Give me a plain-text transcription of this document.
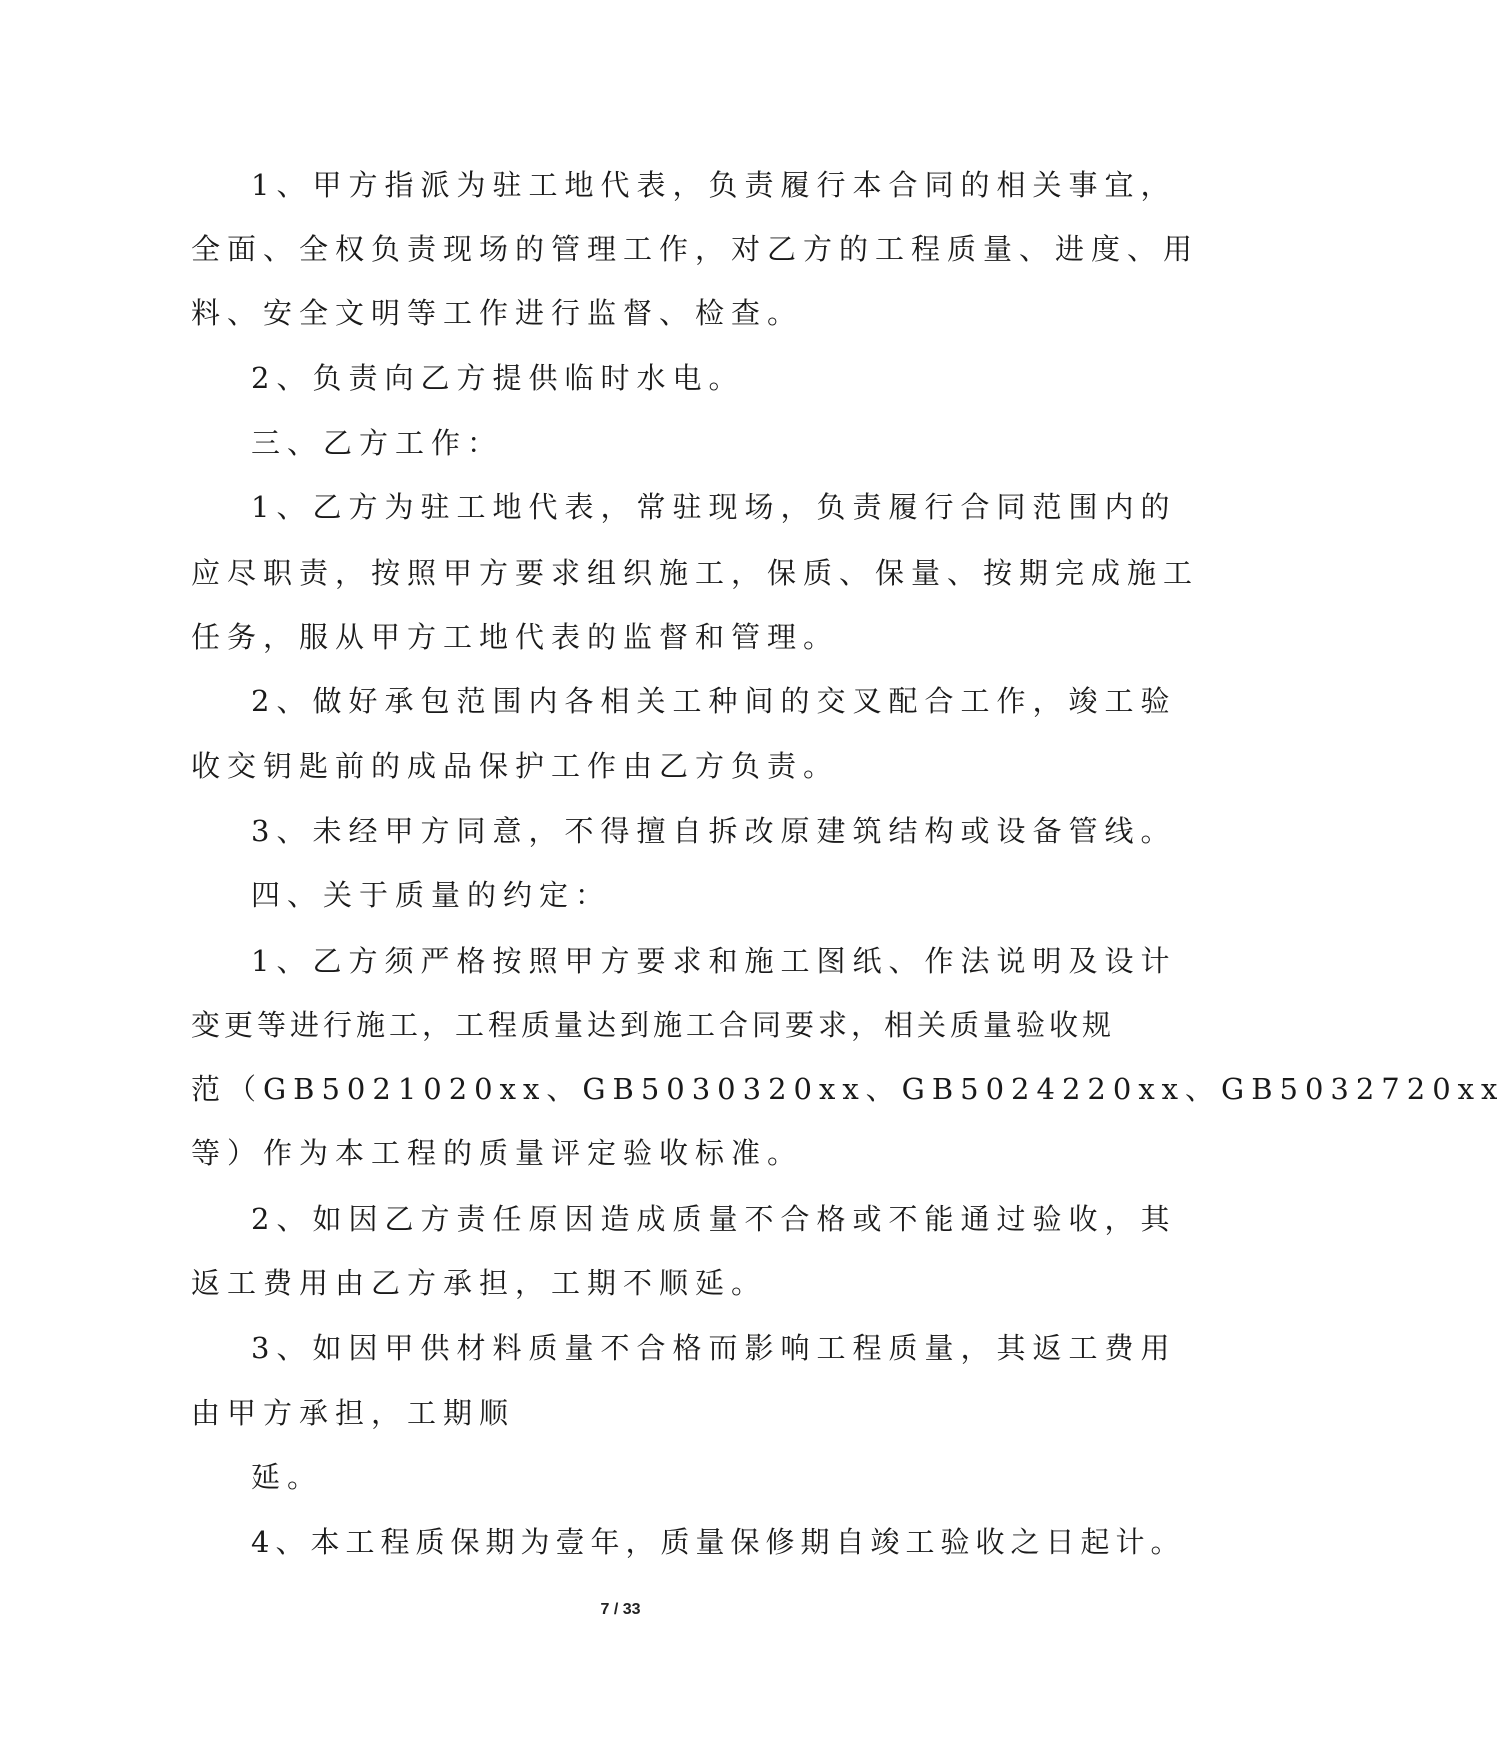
1、甲方指派为驻工地代表，负责履行本合同的相关事宜，
全面、全权负责现场的管理工作，对乙方的工程质量、进度、用
料、安全文明等工作进行监督、检查。
2、负责向乙方提供临时水电。
三、乙方工作：
1、乙方为驻工地代表，常驻现场，负责履行合同范围内的
应尽职责，按照甲方要求组织施工，保质、保量、按期完成施工
任务，服从甲方工地代表的监督和管理。
2、做好承包范围内各相关工种间的交叉配合工作，竣工验
收交钥匙前的成品保护工作由乙方负责。
3、未经甲方同意，不得擅自拆改原建筑结构或设备管线。
四、关于质量的约定：
1、乙方须严格按照甲方要求和施工图纸、作法说明及设计
变更等进行施工，工程质量达到施工合同要求，相关质量验收规
范（GB5021020xx、GB5030320xx、GB5024220xx、GB5032720xx
等）作为本工程的质量评定验收标准。
2、如因乙方责任原因造成质量不合格或不能通过验收，其
返工费用由乙方承担，工期不顺延。
3、如因甲供材料质量不合格而影响工程质量，其返工费用
由甲方承担，工期顺
延。
4、本工程质保期为壹年，质量保修期自竣工验收之日起计。
7 / 33
